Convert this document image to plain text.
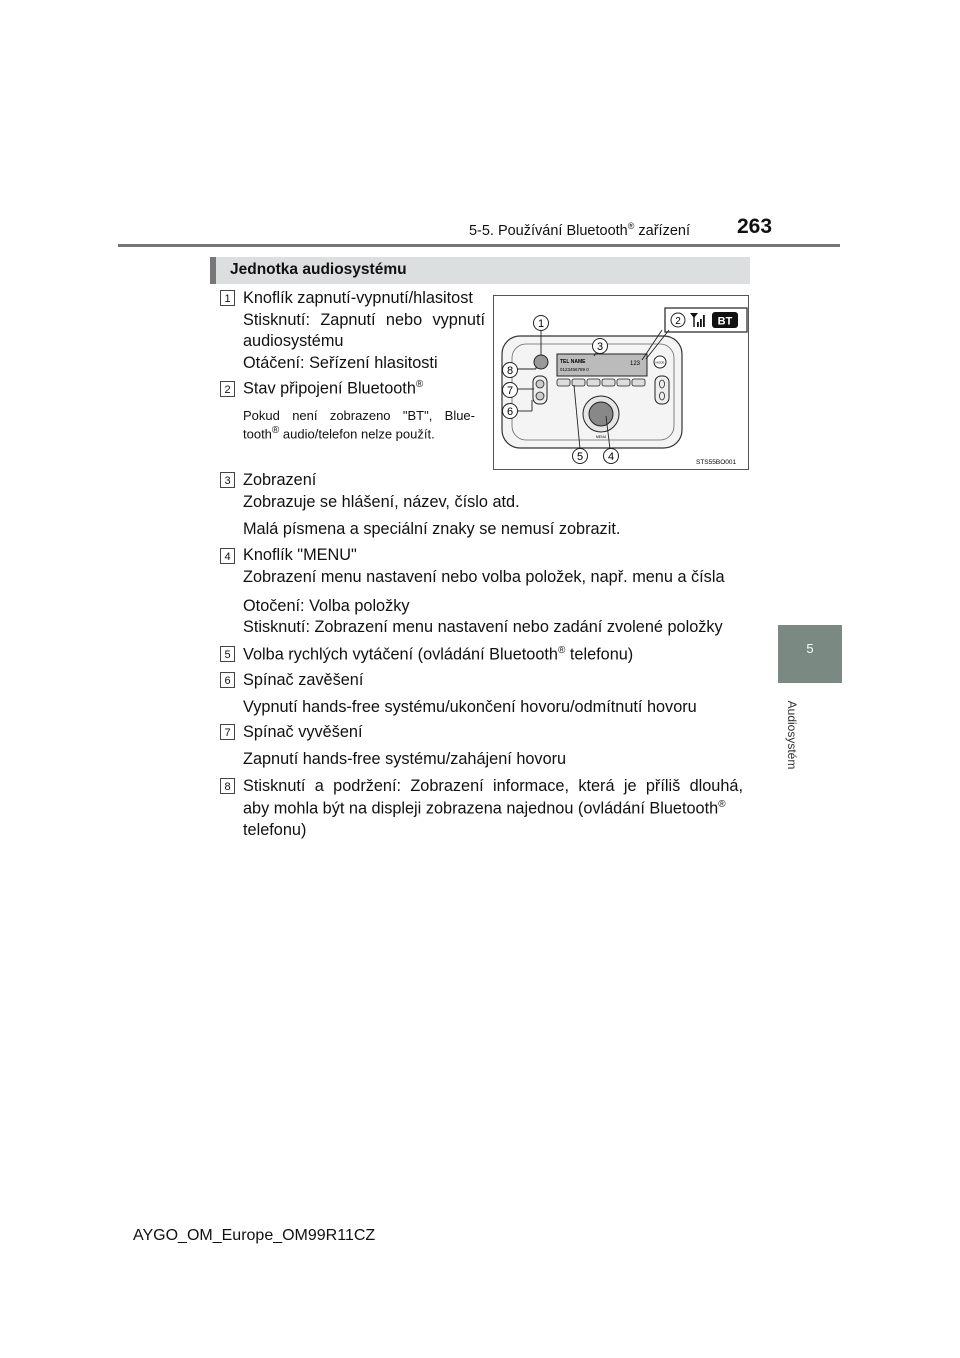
5-5. Používání Bluetooth® zařízení 263
5
Audiosystém
Jednotka audiosystému
1 Knoflík zapnutí-vypnutí/hlasitost
Stisknutí: Zapnutí nebo vypnutí
audiosystému
Otáčení: Seřízení hlasitosti
2 Stav připojení Bluetooth®
Pokud není zobrazeno "BT", Blue-
tooth® audio/telefon nelze použít.
TEL NAME
0123456789 0
123	MODE
MENU
2	BT
1
3
4
5
6
7
8
STS55BO001
3 Zobrazení
Zobrazuje se hlášení, název, číslo atd.
Malá písmena a speciální znaky se nemusí zobrazit.
4 Knoflík "MENU"
Zobrazení menu nastavení nebo volba položek, např. menu a čísla
Otočení: Volba položky
Stisknutí: Zobrazení menu nastavení nebo zadání zvolené položky
5 Volba rychlých vytáčení (ovládání Bluetooth® telefonu)
6 Spínač zavěšení
Vypnutí hands-free systému/ukončení hovoru/odmítnutí hovoru
7 Spínač vyvěšení
Zapnutí hands-free systému/zahájení hovoru
8 Stisknutí a podržení: Zobrazení informace, která je příliš dlouhá,
aby mohla být na displeji zobrazena najednou (ovládání Bluetooth®
telefonu)
AYGO_OM_Europe_OM99R11CZ
